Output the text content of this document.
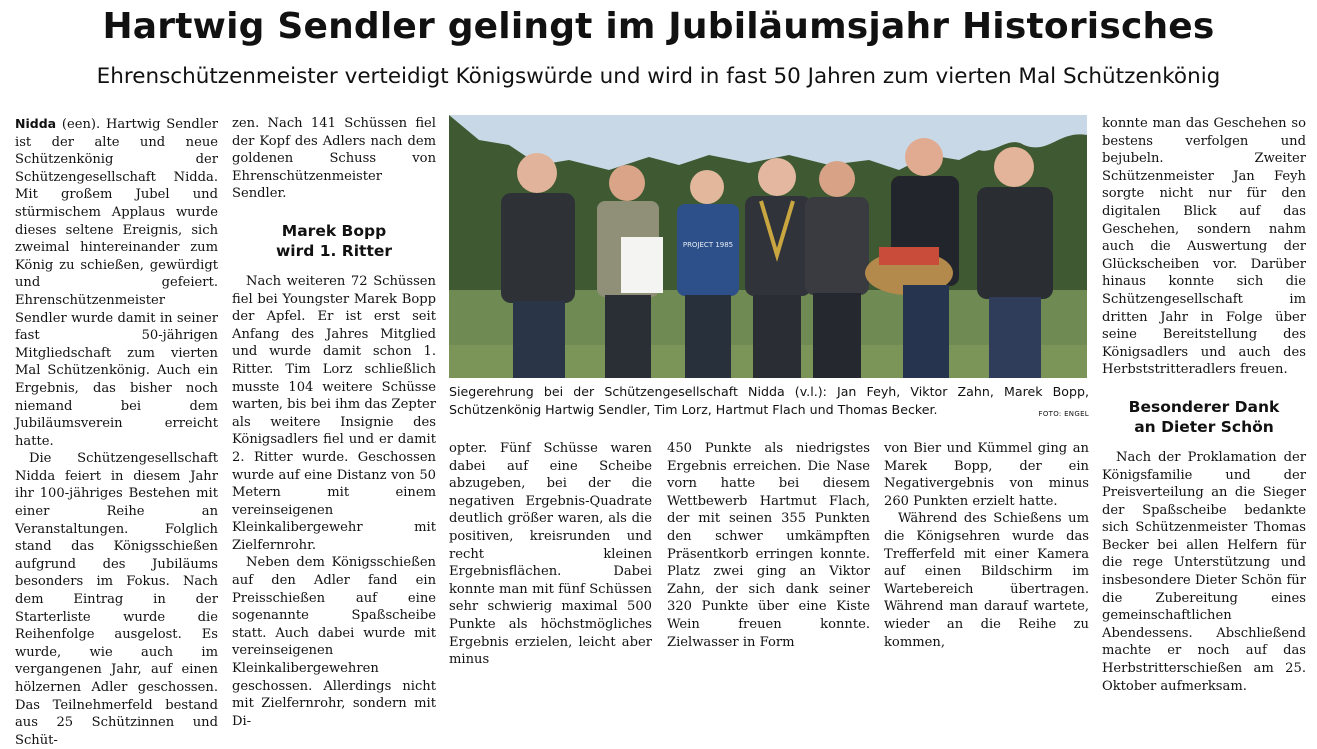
Hartwig Sendler gelingt im Jubiläumsjahr Historisches
Ehrenschützenmeister verteidigt Königswürde und wird in fast 50 Jahren zum vierten Mal Schützenkönig

Nidda (een). Hartwig Sendler ist der alte und neue Schützenkönig der Schützengesellschaft Nidda. Mit großem Jubel und stürmischem Applaus wurde dieses seltene Ereignis, sich zweimal hintereinander zum König zu schießen, gewürdigt und gefeiert. Ehrenschützenmeister Sendler wurde damit in seiner fast 50-jährigen Mitgliedschaft zum vierten Mal Schützenkönig. Auch ein Ergebnis, das bisher noch niemand bei dem Jubiläumsverein erreicht hatte.

Die Schützengesellschaft Nidda feiert in diesem Jahr ihr 100-jähriges Bestehen mit einer Reihe an Veranstaltungen. Folglich stand das Königsschießen aufgrund des Jubiläums besonders im Fokus. Nach dem Eintrag in der Starterliste wurde die Reihenfolge ausgelost. Es wurde, wie auch im vergangenen Jahr, auf einen hölzernen Adler geschossen. Das Teilnehmerfeld bestand aus 25 Schützinnen und Schüt-

zen. Nach 141 Schüssen fiel der Kopf des Adlers nach dem goldenen Schuss von Ehrenschützenmeister Sendler.

Marek Bopp wird 1. Ritter

Nach weiteren 72 Schüssen fiel bei Youngster Marek Bopp der Apfel. Er ist erst seit Anfang des Jahres Mitglied und wurde damit schon 1. Ritter. Tim Lorz schließlich musste 104 weitere Schüsse warten, bis bei ihm das Zepter als weitere Insignie des Königsadlers fiel und er damit 2. Ritter wurde. Geschossen wurde auf eine Distanz von 50 Metern mit einem vereinseigenen Kleinkalibergewehr mit Zielfernrohr.

Neben dem Königsschießen auf den Adler fand ein Preisschießen auf eine sogenannte Spaßscheibe statt. Auch dabei wurde mit vereinseigenen Kleinkalibergewehren geschossen. Allerdings nicht mit Zielfernrohr, sondern mit Di-

PROJECT 1985
Siegerehrung bei der Schützengesellschaft Nidda (v.l.): Jan Feyh, Viktor Zahn, Marek Bopp, Schützenkönig Hartwig Sendler, Tim Lorz, Hartmut Flach und Thomas Becker.	FOTO: ENGEL

opter. Fünf Schüsse waren dabei auf eine Scheibe abzugeben, bei der die negativen Ergebnis-Quadrate deutlich größer waren, als die positiven, kreisrunden und recht kleinen Ergebnisflächen. Dabei konnte man mit fünf Schüssen sehr schwierig maximal 500 Punkte als höchstmögliches Ergebnis erzielen, leicht aber minus

450 Punkte als niedrigstes Ergebnis erreichen. Die Nase vorn hatte bei diesem Wettbewerb Hartmut Flach, der mit seinen 355 Punkten den schwer umkämpften Präsentkorb erringen konnte. Platz zwei ging an Viktor Zahn, der sich dank seiner 320 Punkte über eine Kiste Wein freuen konnte. Zielwasser in Form

von Bier und Kümmel ging an Marek Bopp, der ein Negativergebnis von minus 260 Punkten erzielt hatte.

Während des Schießens um die Königsehren wurde das Trefferfeld mit einer Kamera auf einen Bildschirm im Wartebereich übertragen. Während man darauf wartete, wieder an die Reihe zu kommen,

konnte man das Geschehen so bestens verfolgen und bejubeln. Zweiter Schützenmeister Jan Feyh sorgte nicht nur für den digitalen Blick auf das Geschehen, sondern nahm auch die Auswertung der Glückscheiben vor. Darüber hinaus konnte sich die Schützengesellschaft im dritten Jahr in Folge über seine Bereitstellung des Königsadlers und auch des Herbststritteradlers freuen.

Besonderer Dank an Dieter Schön

Nach der Proklamation der Königsfamilie und der Preisverteilung an die Sieger der Spaßscheibe bedankte sich Schützenmeister Thomas Becker bei allen Helfern für die rege Unterstützung und insbesondere Dieter Schön für die Zubereitung eines gemeinschaftlichen Abendessens. Abschließend machte er noch auf das Herbstritterschießen am 25. Oktober aufmerksam.
